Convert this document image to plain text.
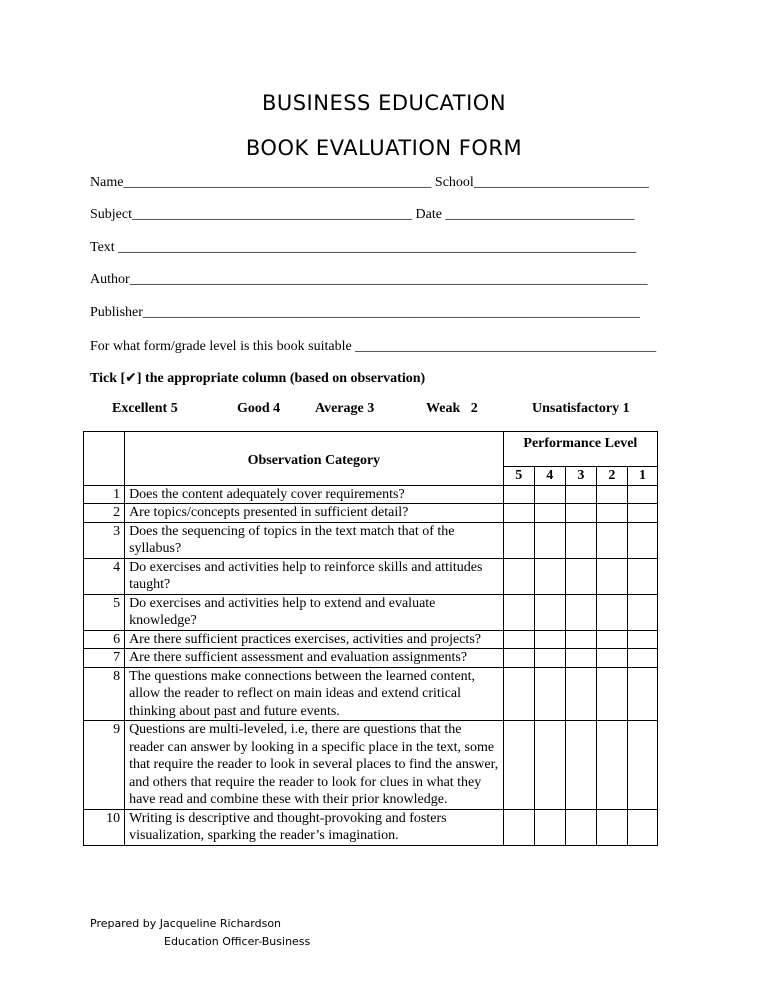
BUSINESS EDUCATION
BOOK EVALUATION FORM
Name____________________________________________ School_________________________
Subject________________________________________ Date ___________________________
Text __________________________________________________________________________
Author__________________________________________________________________________
Publisher_______________________________________________________________________
For what form/grade level is this book suitable ___________________________________________
Tick [✔] the appropriate column (based on observation)
Excellent 5	Good 4 Average 3	Weak   2	Unsatisfactory 1
	Observation Category	Performance Level				
		5	4	3	2	1
1	Does the content adequately cover requirements?					
2	Are topics/concepts presented in sufficient detail?					
3	Does the sequencing of topics in the text match that of the syllabus?					
4	Do exercises and activities help to reinforce skills and attitudes taught?					
5	Do exercises and activities help to extend and evaluate knowledge?					
6	Are there sufficient practices exercises, activities and projects?					
7	Are there sufficient assessment and evaluation assignments?					
8	The questions make connections between the learned content, allow the reader to reflect on main ideas and extend critical thinking about past and future events.					
9	Questions are multi-leveled, i.e, there are questions that the reader can answer by looking in a specific place in the text, some that require the reader to look in several places to find the answer, and others that require the reader to look for clues in what they have read and combine these with their prior knowledge.					
10	Writing is descriptive and thought-provoking and fosters visualization, sparking the reader’s imagination.					
Prepared by Jacqueline Richardson
Education Officer-Business
